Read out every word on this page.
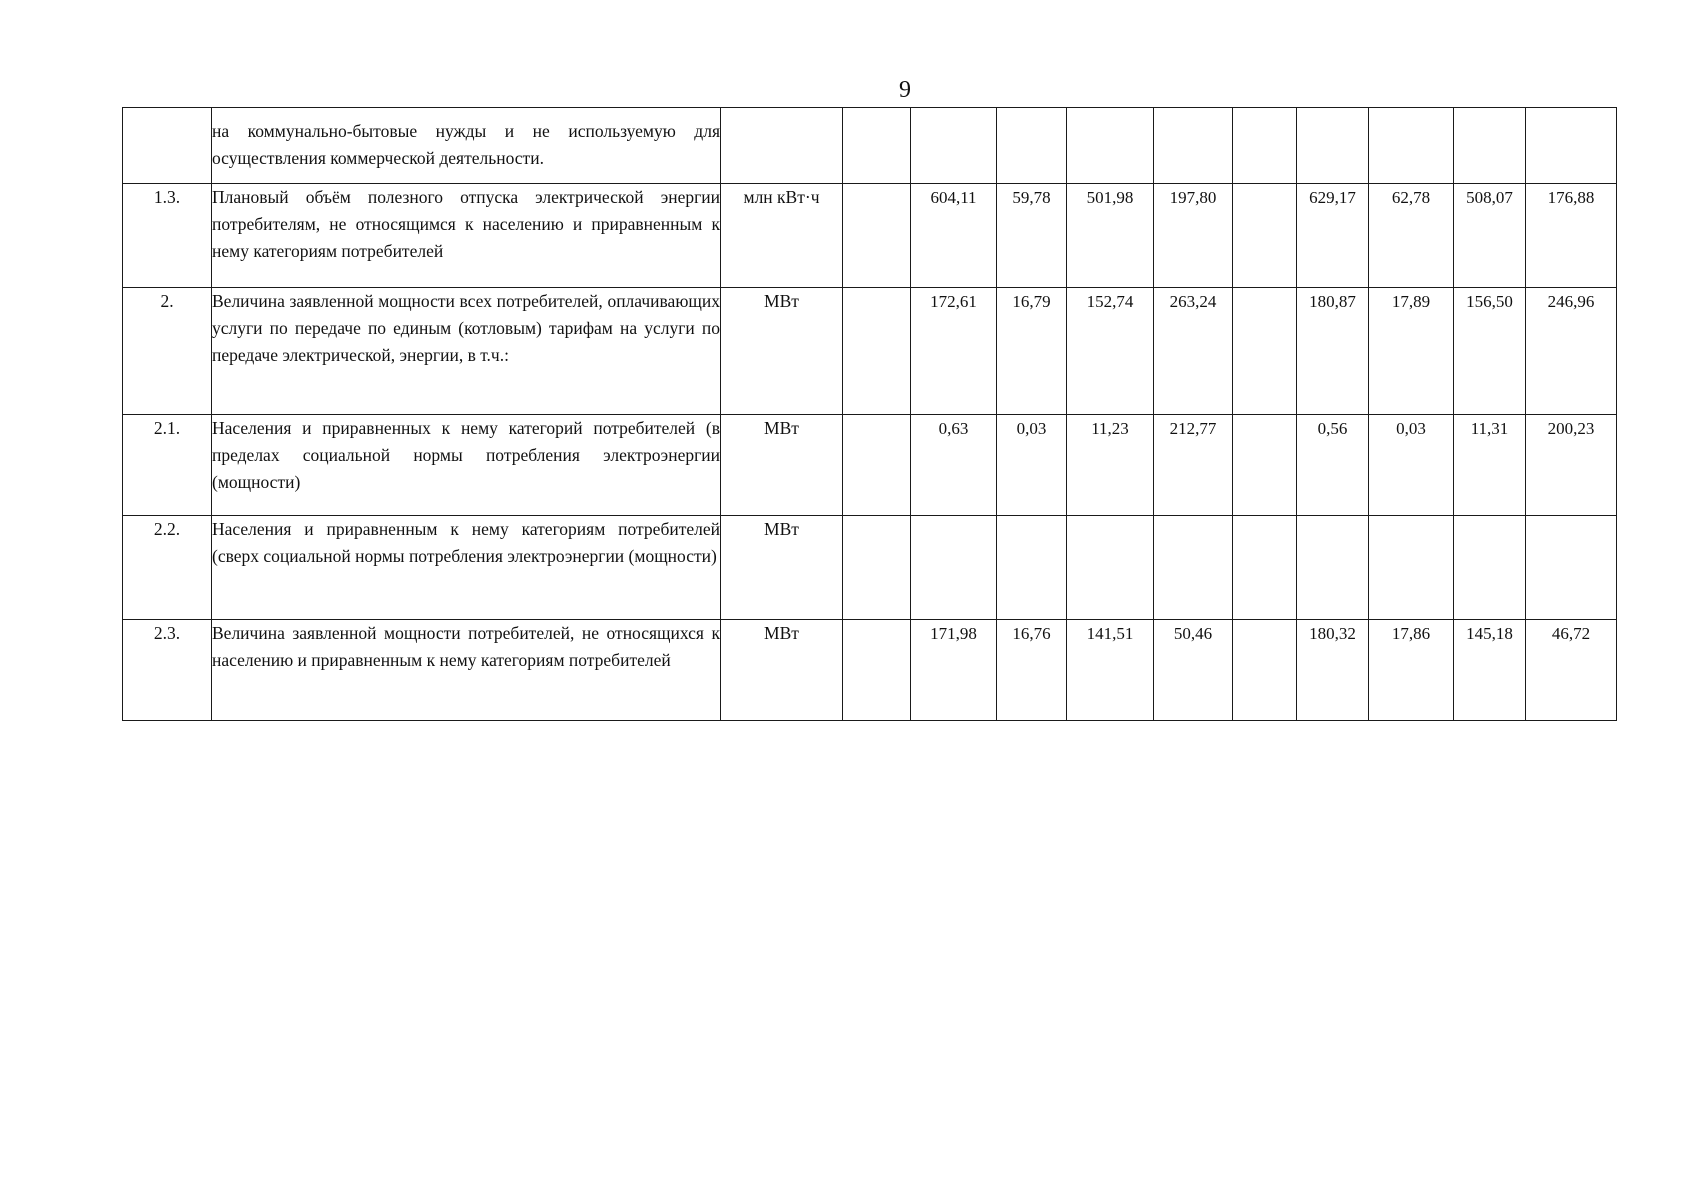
9
	на коммунально-бытовые нужды и не используемую для осуществления коммерческой деятельности.											
1.3.	Плановый объём полезного отпуска электрической энергии потребителям, не относящимся к населению и приравненным к нему категориям потребителей	млн кВт·ч		604,11	59,78	501,98	197,80		629,17	62,78	508,07	176,88
2.	Величина заявленной мощности всех потребителей, оплачивающих услуги по передаче по единым (котловым) тарифам на услуги по передаче электрической, энергии, в т.ч.:	МВт		172,61	16,79	152,74	263,24		180,87	17,89	156,50	246,96
2.1.	Населения и приравненных к нему категорий потребителей (в пределах социальной нормы потребления электроэнергии (мощности)	МВт		0,63	0,03	11,23	212,77		0,56	0,03	11,31	200,23
2.2.	Населения и приравненным к нему категориям потребителей (сверх социальной нормы потребления электроэнергии (мощности)	МВт										
2.3.	Величина заявленной мощности потребителей, не относящихся к населению и приравненным к нему категориям потребителей	МВт		171,98	16,76	141,51	50,46		180,32	17,86	145,18	46,72
